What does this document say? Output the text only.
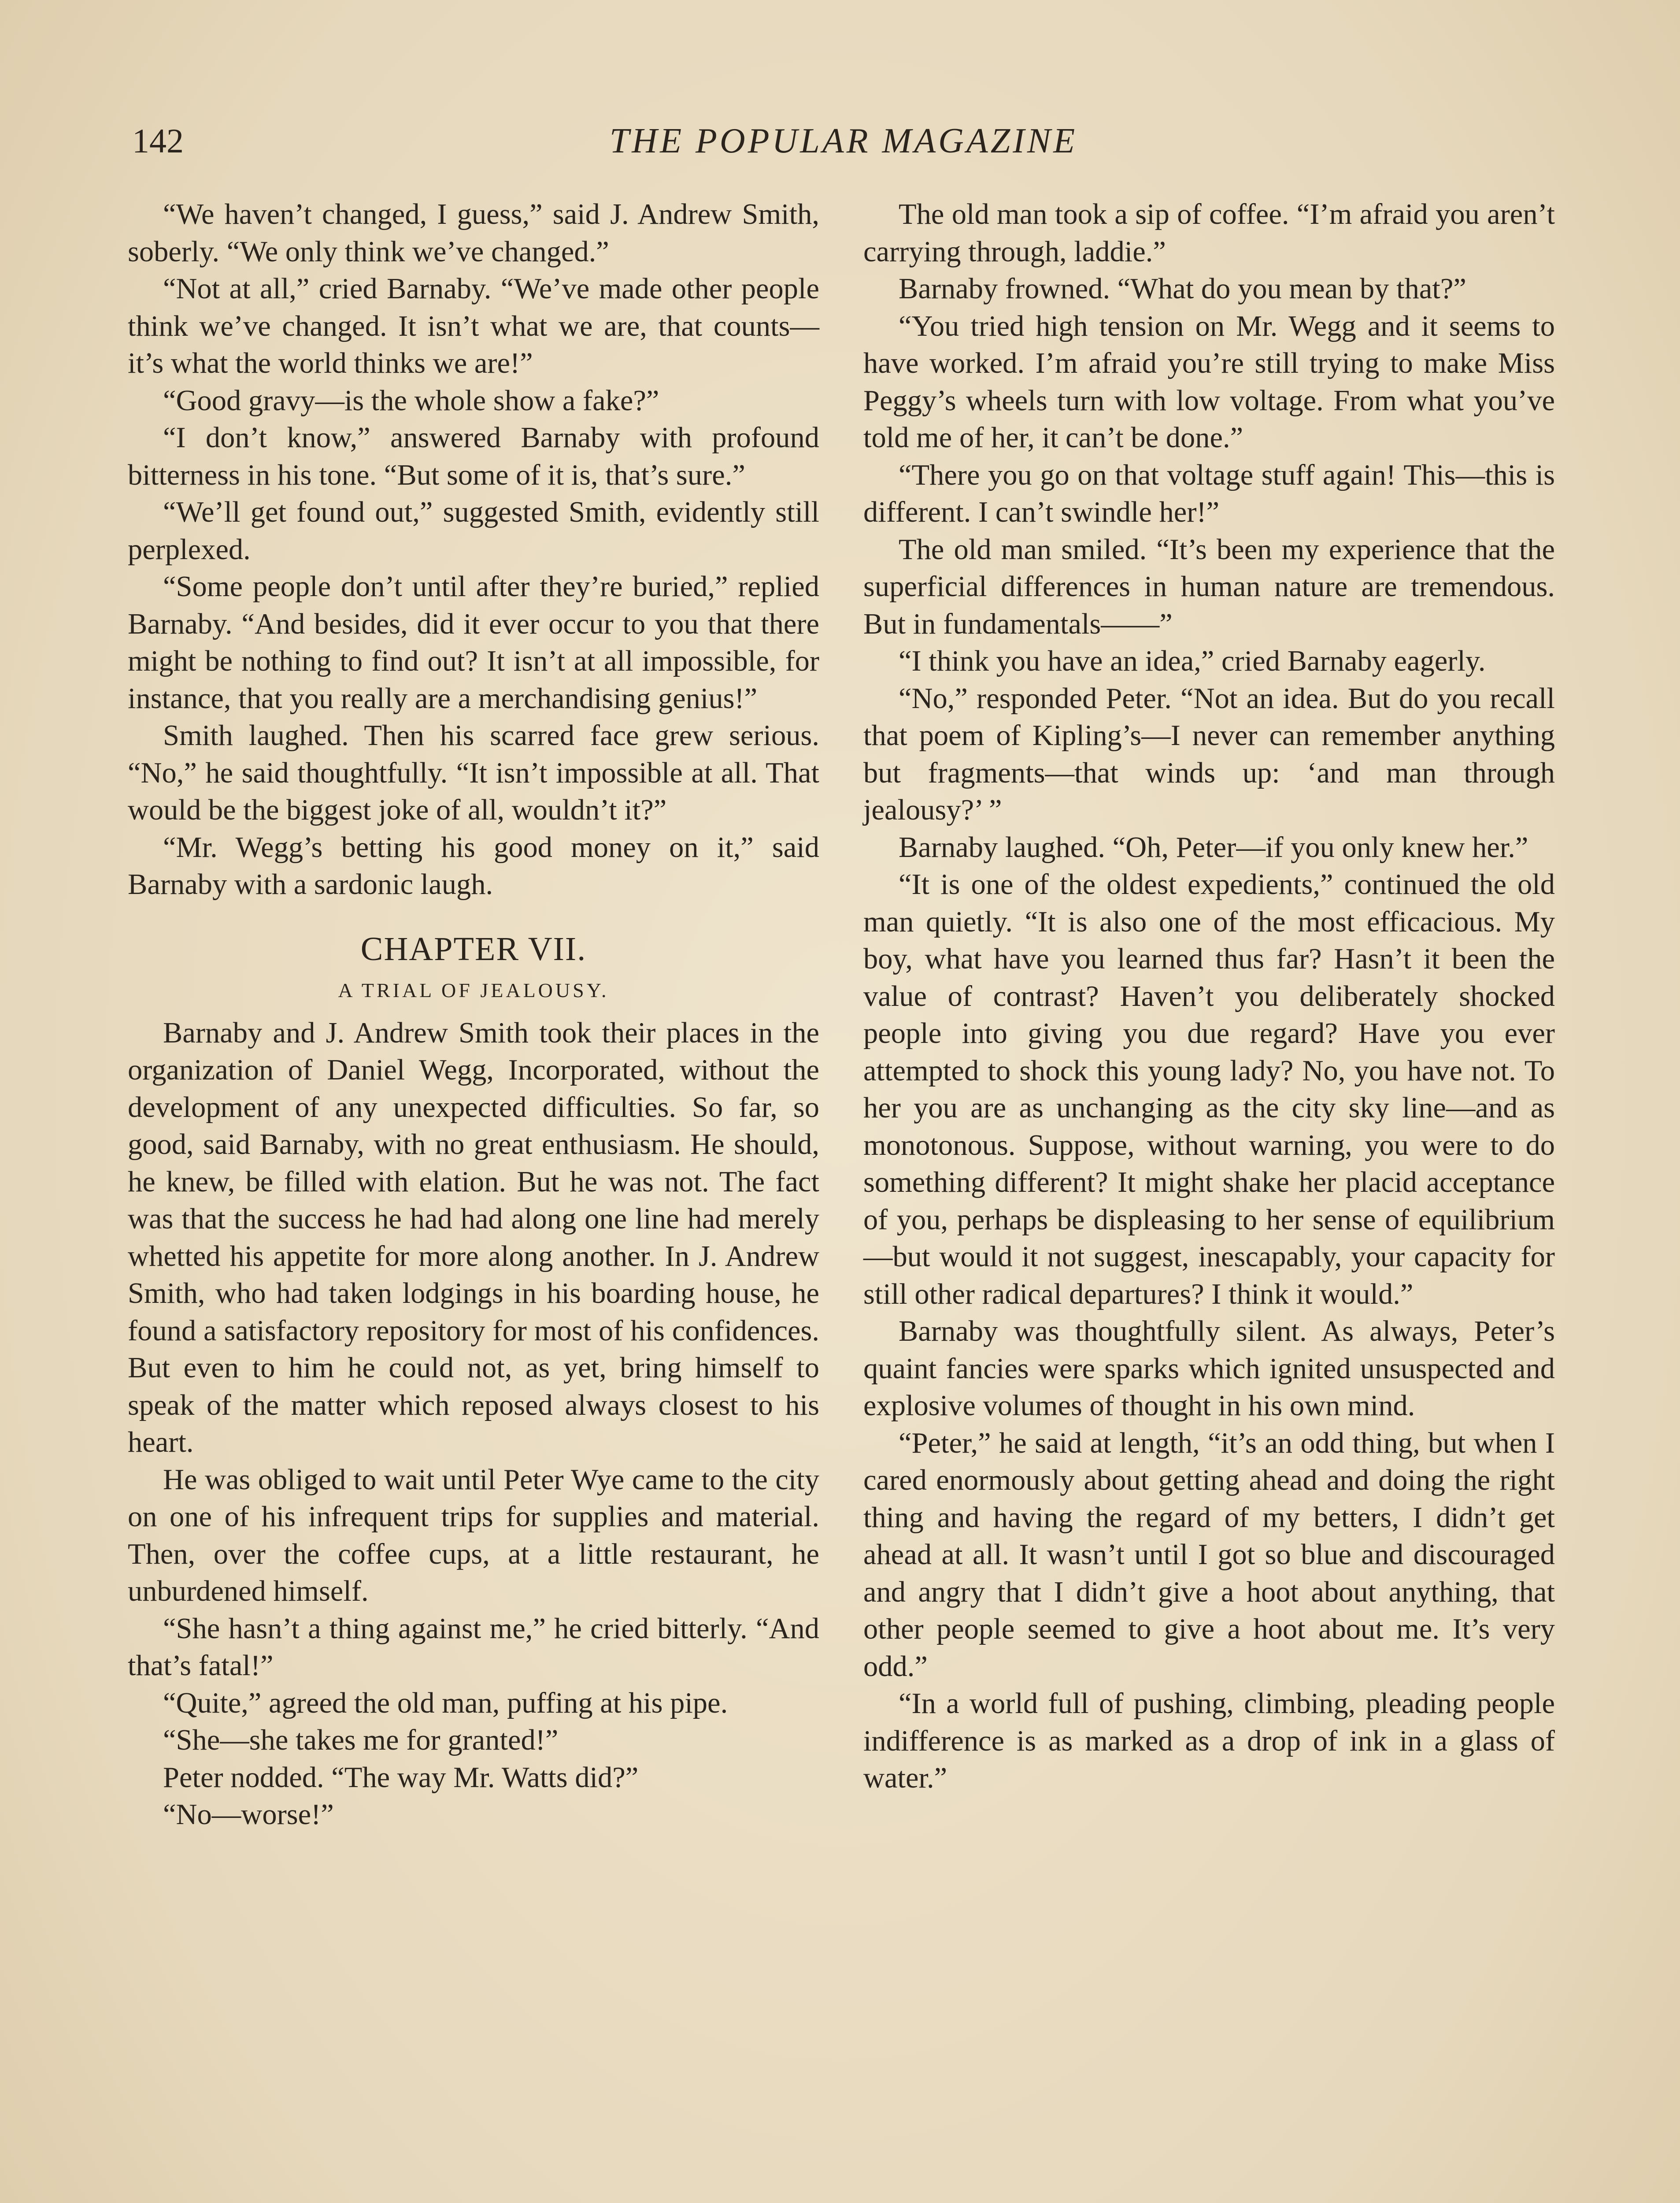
142	THE POPULAR MAGAZINE

“We haven’t changed, I guess,” said J. Andrew Smith, soberly. “We only think we’ve changed.”

“Not at all,” cried Barnaby. “We’ve made other people think we’ve changed. It isn’t what we are, that counts—it’s what the world thinks we are!”

“Good gravy—is the whole show a fake?”

“I don’t know,” answered Barnaby with profound bitterness in his tone. “But some of it is, that’s sure.”

“We’ll get found out,” suggested Smith, evidently still perplexed.

“Some people don’t until after they’re buried,” replied Barnaby. “And besides, did it ever occur to you that there might be nothing to find out? It isn’t at all impossible, for instance, that you really are a merchandising genius!”

Smith laughed. Then his scarred face grew serious. “No,” he said thoughtfully. “It isn’t impossible at all. That would be the biggest joke of all, wouldn’t it?”

“Mr. Wegg’s betting his good money on it,” said Barnaby with a sardonic laugh.

CHAPTER VII.
A TRIAL OF JEALOUSY.

Barnaby and J. Andrew Smith took their places in the organization of Daniel Wegg, Incorporated, without the development of any unexpected difficulties. So far, so good, said Barnaby, with no great enthusiasm. He should, he knew, be filled with elation. But he was not. The fact was that the success he had had along one line had merely whetted his appetite for more along another. In J. Andrew Smith, who had taken lodgings in his boarding house, he found a satisfactory repository for most of his confidences. But even to him he could not, as yet, bring himself to speak of the matter which reposed always closest to his heart.

He was obliged to wait until Peter Wye came to the city on one of his infrequent trips for supplies and material. Then, over the coffee cups, at a little restaurant, he unburdened himself.

“She hasn’t a thing against me,” he cried bitterly. “And that’s fatal!”

“Quite,” agreed the old man, puffing at his pipe.

“She—she takes me for granted!”

Peter nodded. “The way Mr. Watts did?”

“No—worse!”

The old man took a sip of coffee. “I’m afraid you aren’t carrying through, laddie.”

Barnaby frowned. “What do you mean by that?”

“You tried high tension on Mr. Wegg and it seems to have worked. I’m afraid you’re still trying to make Miss Peggy’s wheels turn with low voltage. From what you’ve told me of her, it can’t be done.”

“There you go on that voltage stuff again! This—this is different. I can’t swindle her!”

The old man smiled. “It’s been my experience that the superficial differences in human nature are tremendous. But in fundamentals——”

“I think you have an idea,” cried Barnaby eagerly.

“No,” responded Peter. “Not an idea. But do you recall that poem of Kipling’s—I never can remember anything but fragments—that winds up: ‘and man through jealousy?’ ”

Barnaby laughed. “Oh, Peter—if you only knew her.”

“It is one of the oldest expedients,” continued the old man quietly. “It is also one of the most efficacious. My boy, what have you learned thus far? Hasn’t it been the value of contrast? Haven’t you deliberately shocked people into giving you due regard? Have you ever attempted to shock this young lady? No, you have not. To her you are as unchanging as the city sky line—and as monotonous. Suppose, without warning, you were to do something different? It might shake her placid acceptance of you, perhaps be displeasing to her sense of equilibrium—but would it not suggest, inescapably, your capacity for still other radical departures? I think it would.”

Barnaby was thoughtfully silent. As always, Peter’s quaint fancies were sparks which ignited unsuspected and explosive volumes of thought in his own mind.

“Peter,” he said at length, “it’s an odd thing, but when I cared enormously about getting ahead and doing the right thing and having the regard of my betters, I didn’t get ahead at all. It wasn’t until I got so blue and discouraged and angry that I didn’t give a hoot about anything, that other people seemed to give a hoot about me. It’s very odd.”

“In a world full of pushing, climbing, pleading people indifference is as marked as a drop of ink in a glass of water.”
